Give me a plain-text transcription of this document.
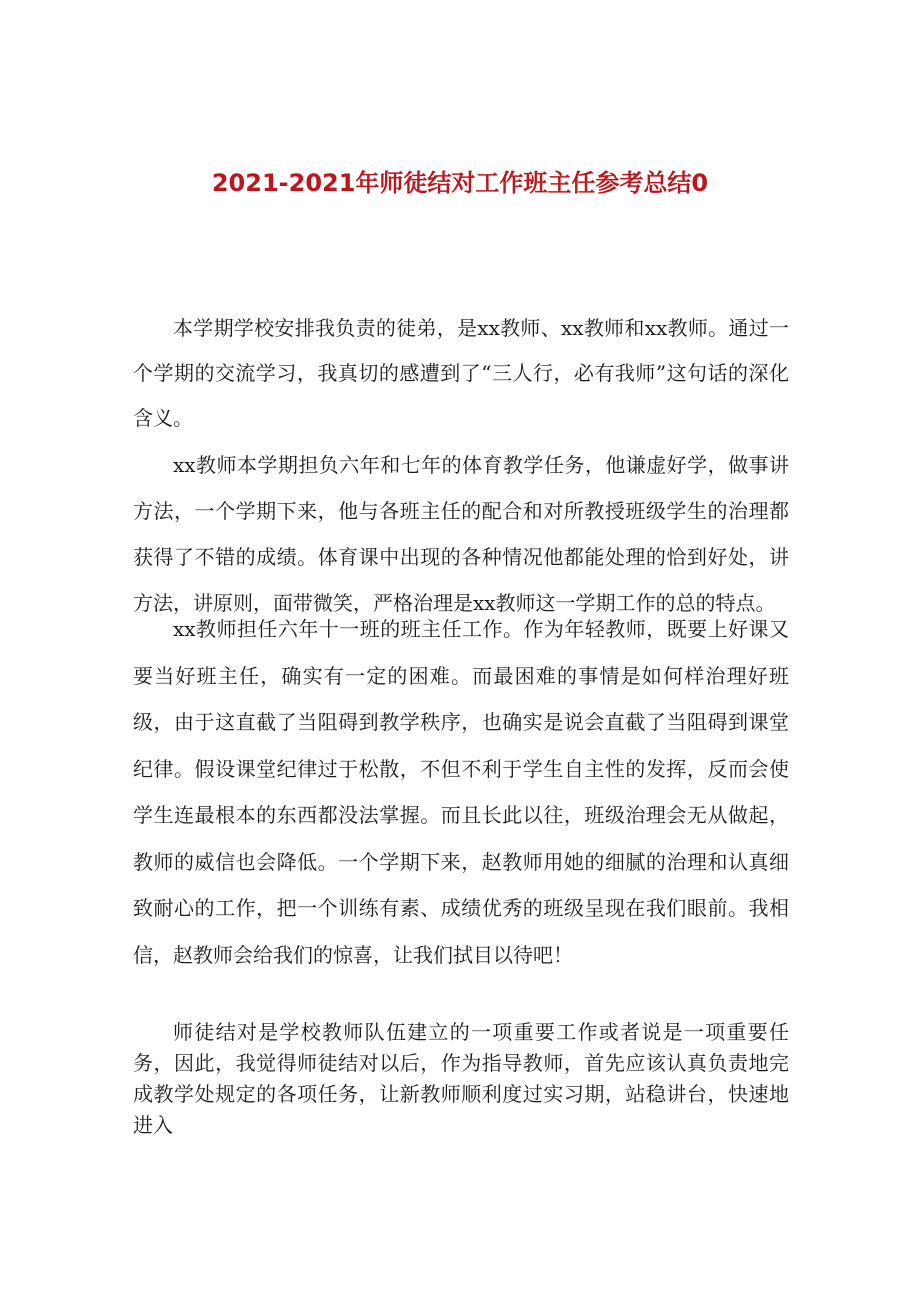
2021-2021年师徒结对工作班主任参考总结0
本学期学校安排我负责的徒弟，是xx教师、xx教师和xx教师。通过一个学期的交流学习，我真切的感遭到了“三人行，必有我师”这句话的深化含义。
xx教师本学期担负六年和七年的体育教学任务，他谦虚好学，做事讲方法，一个学期下来，他与各班主任的配合和对所教授班级学生的治理都获得了不错的成绩。体育课中出现的各种情况他都能处理的恰到好处，讲方法，讲原则，面带微笑，严格治理是xx教师这一学期工作的总的特点。
xx教师担任六年十一班的班主任工作。作为年轻教师，既要上好课又要当好班主任，确实有一定的困难。而最困难的事情是如何样治理好班级，由于这直截了当阻碍到教学秩序，也确实是说会直截了当阻碍到课堂纪律。假设课堂纪律过于松散，不但不利于学生自主性的发挥，反而会使学生连最根本的东西都没法掌握。而且长此以往，班级治理会无从做起，教师的威信也会降低。一个学期下来，赵教师用她的细腻的治理和认真细致耐心的工作，把一个训练有素、成绩优秀的班级呈现在我们眼前。我相信，赵教师会给我们的惊喜，让我们拭目以待吧！
师徒结对是学校教师队伍建立的一项重要工作或者说是一项重要任务，因此，我觉得师徒结对以后，作为指导教师，首先应该认真负责地完成教学处规定的各项任务，让新教师顺利度过实习期，站稳讲台，快速地进入
